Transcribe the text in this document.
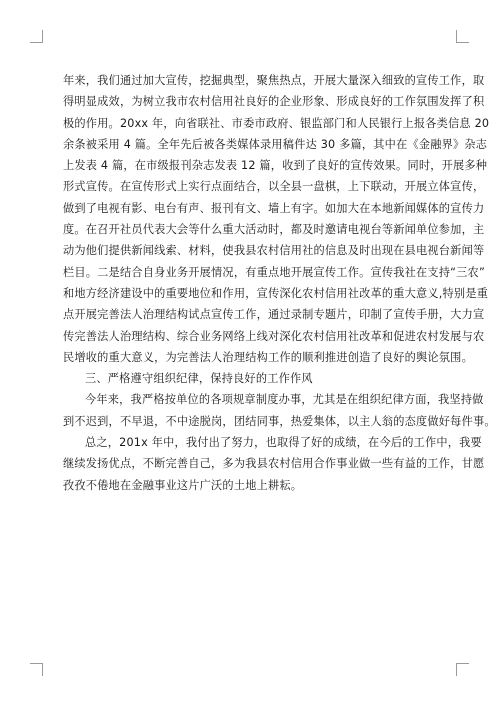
年来，我们通过加大宣传，挖掘典型，聚焦热点，开展大量深入细致的宣传工作，取
得明显成效，为树立我市农村信用社良好的企业形象、形成良好的工作氛围发挥了积
极的作用。20xx 年，向省联社、市委市政府、银监部门和人民银行上报各类信息 20
余条被采用 4 篇。全年先后被各类媒体录用稿件达 30 多篇，其中在《金融界》杂志
上发表 4 篇，在市级报刊杂志发表 12 篇，收到了良好的宣传效果。同时，开展多种
形式宣传。在宣传形式上实行点面结合，以全县一盘棋，上下联动，开展立体宣传，
做到了电视有影、电台有声、报刊有文、墙上有字。如加大在本地新闻媒体的宣传力
度。在召开社员代表大会等什么重大活动时，都及时邀请电视台等新闻单位参加，主
动为他们提供新闻线索、材料，使我县农村信用社的信息及时出现在县电视台新闻等
栏目。二是结合自身业务开展情况，有重点地开展宣传工作。宣传我社在支持“三农”
和地方经济建设中的重要地位和作用，宣传深化农村信用社改革的重大意义,特别是重
点开展完善法人治理结构试点宣传工作，通过录制专题片，印制了宣传手册，大力宣
传完善法人治理结构、综合业务网络上线对深化农村信用社改革和促进农村发展与农
民增收的重大意义，为完善法人治理结构工作的顺利推进创造了良好的舆论氛围。
三、严格遵守组织纪律，保持良好的工作作风
今年来，我严格按单位的各项规章制度办事，尤其是在组织纪律方面，我坚持做
到不迟到，不早退，不中途脱岗，团结同事，热爱集体，以主人翁的态度做好每件事。
总之，201x 年中，我付出了努力，也取得了好的成绩，在今后的工作中，我要
继续发扬优点，不断完善自己，多为我县农村信用合作事业做一些有益的工作，甘愿
孜孜不倦地在金融事业这片广沃的土地上耕耘。
